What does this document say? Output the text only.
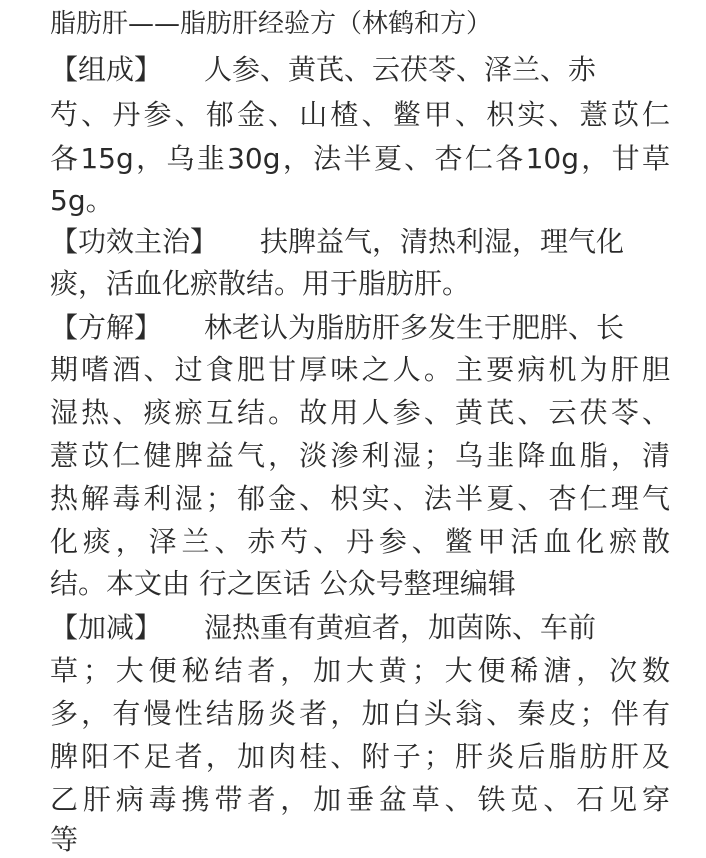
脂肪肝——脂肪肝经验方（林鹤和方）
【组成】 人参、黄芪、云茯苓、泽兰、赤
芍、丹参、郁金、山楂、鳖甲、枳实、薏苡仁
各15g，乌韭30g，法半夏、杏仁各10g，甘草
5g。
【功效主治】 扶脾益气，清热利湿，理气化
痰，活血化瘀散结。用于脂肪肝。
【方解】 林老认为脂肪肝多发生于肥胖、长
期嗜酒、过食肥甘厚味之人。主要病机为肝胆
湿热、痰瘀互结。故用人参、黄芪、云茯苓、
薏苡仁健脾益气，淡渗利湿；乌韭降血脂，清
热解毒利湿；郁金、枳实、法半夏、杏仁理气
化痰，泽兰、赤芍、丹参、鳖甲活血化瘀散
结。本文由 行之医话 公众号整理编辑
【加减】 湿热重有黄疸者，加茵陈、车前
草；大便秘结者，加大黄；大便稀溏，次数
多，有慢性结肠炎者，加白头翁、秦皮；伴有
脾阳不足者，加肉桂、附子；肝炎后脂肪肝及
乙肝病毒携带者，加垂盆草、铁苋、石见穿
等
